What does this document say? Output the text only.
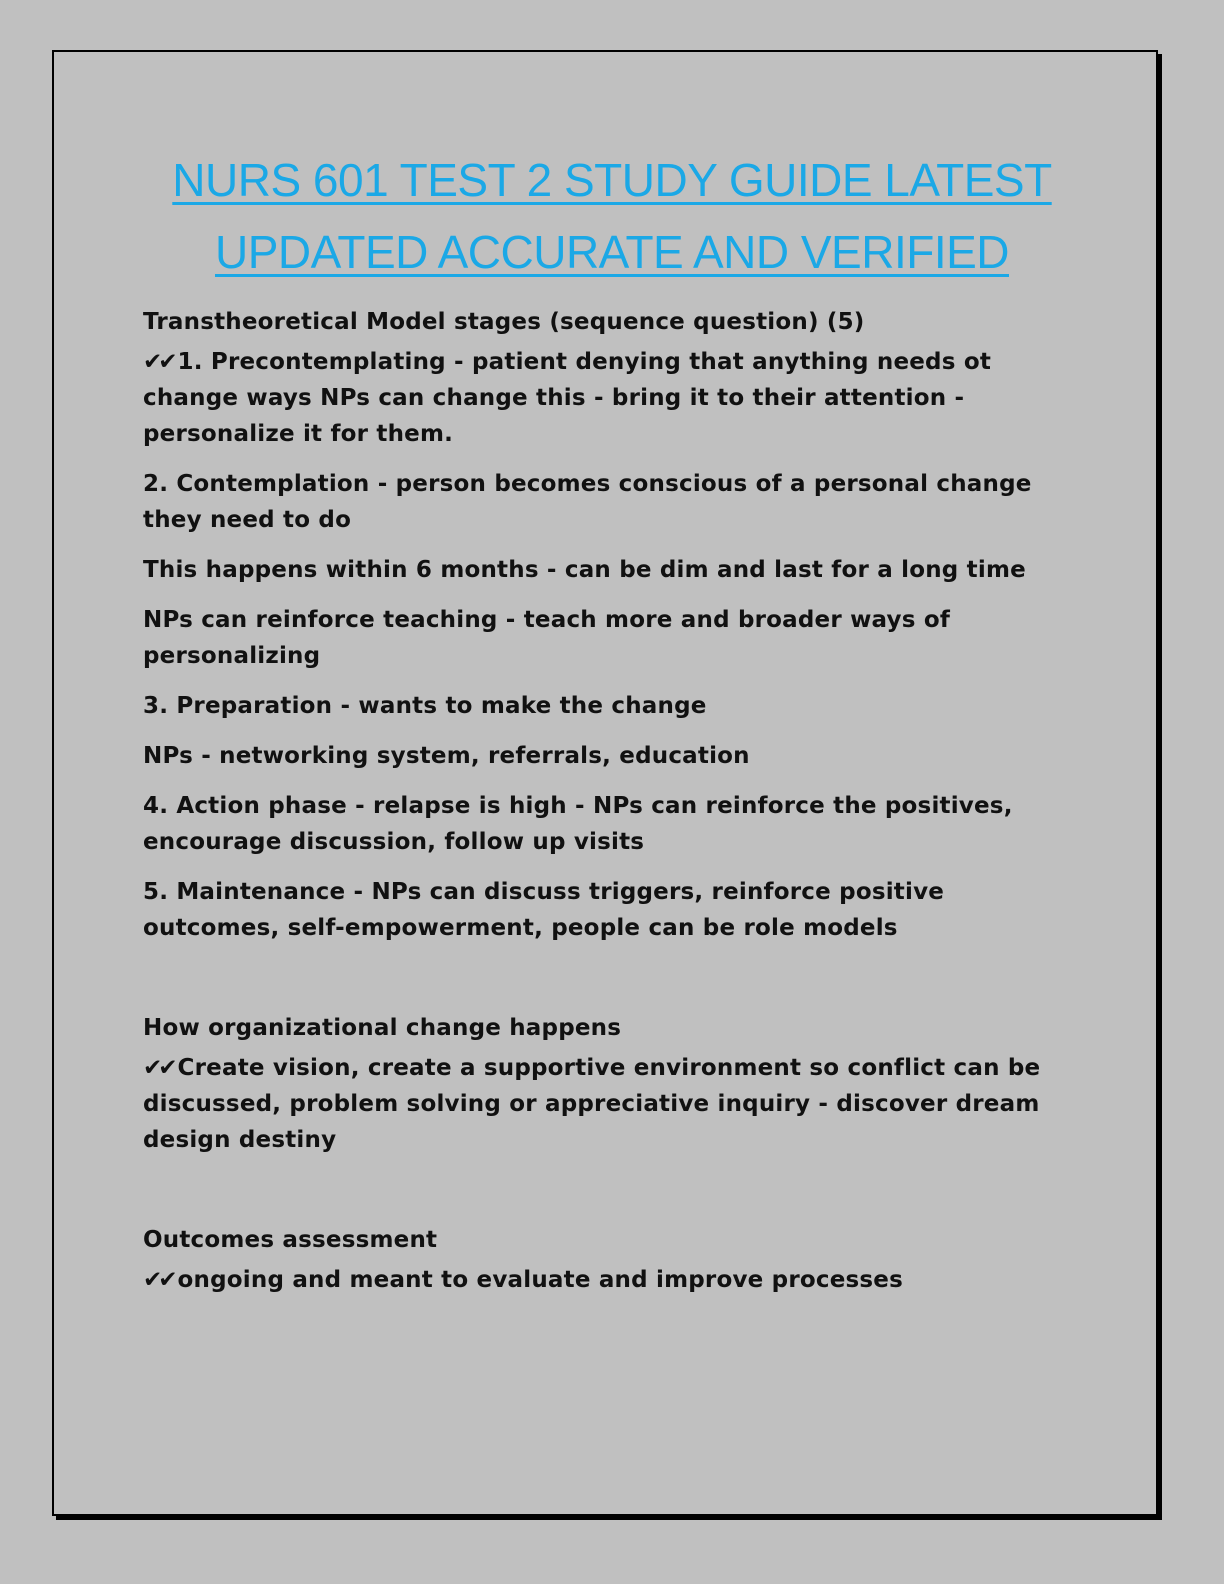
NURS 601 TEST 2 STUDY GUIDE LATEST
UPDATED ACCURATE AND VERIFIED

Transtheoretical Model stages (sequence question) (5)

✔✔ 1. Precontemplating - patient denying that anything needs ot change ways NPs can change this - bring it to their attention - personalize it for them.

2. Contemplation - person becomes conscious of a personal change they need to do

This happens within 6 months - can be dim and last for a long time

NPs can reinforce teaching - teach more and broader ways of personalizing

3. Preparation - wants to make the change

NPs - networking system, referrals, education

4. Action phase - relapse is high - NPs can reinforce the positives, encourage discussion, follow up visits

5. Maintenance - NPs can discuss triggers, reinforce positive outcomes, self-empowerment, people can be role models

How organizational change happens

✔✔ Create vision, create a supportive environment so conflict can be discussed, problem solving or appreciative inquiry - discover dream design destiny

Outcomes assessment

✔✔ ongoing and meant to evaluate and improve processes
